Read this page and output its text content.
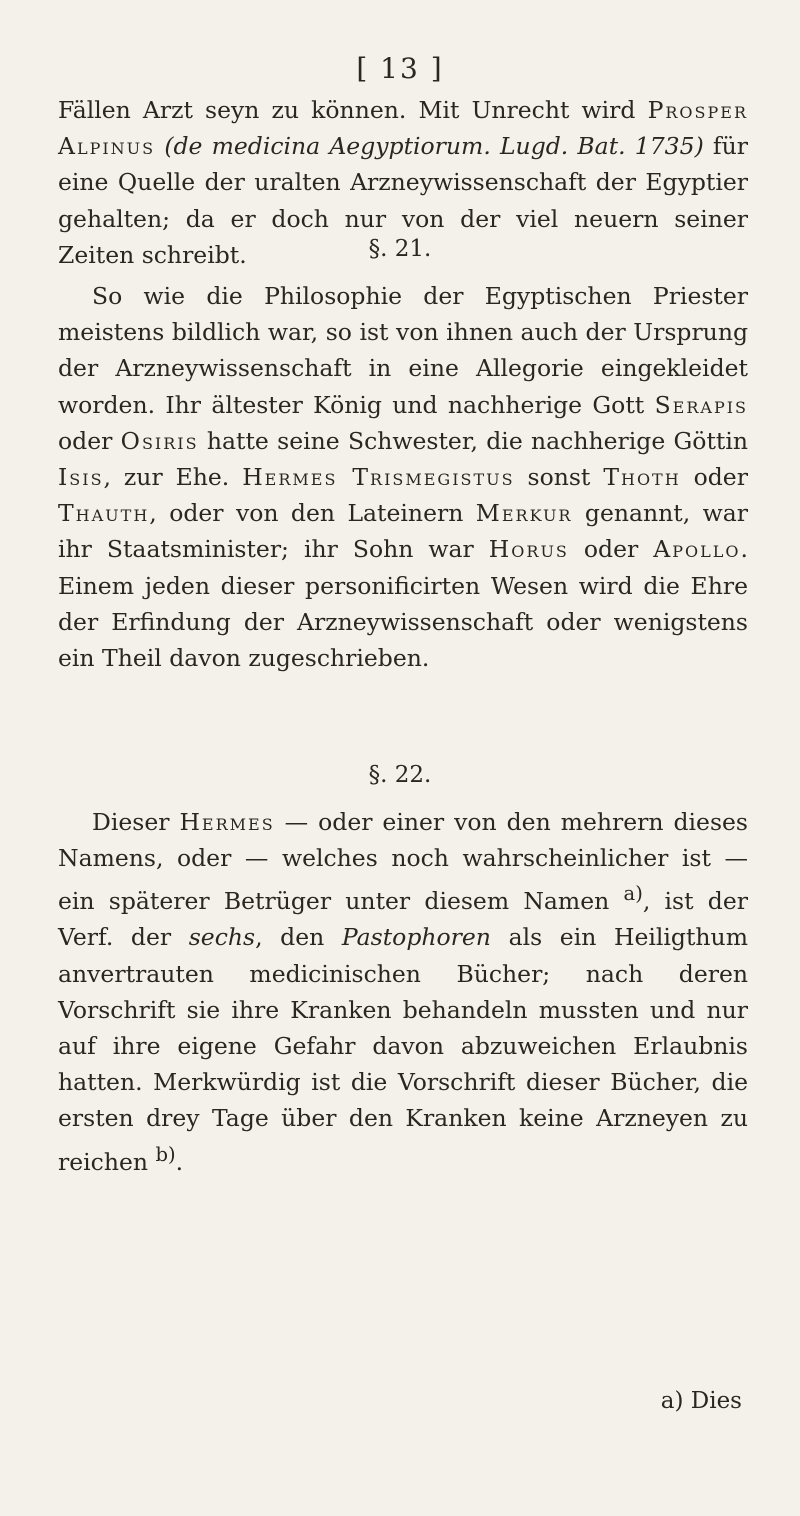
[ 13 ]

Fällen Arzt seyn zu können. Mit Unrecht wird Prosper Alpinus (de medicina Aegyptiorum. Lugd. Bat. 1735) für eine Quelle der uralten Arzneywissenschaft der Egyptier gehalten; da er doch nur von der viel neuern seiner Zeiten schreibt.	§. 21.

So wie die Philosophie der Egyptischen Priester meistens bildlich war, so ist von ihnen auch der Ursprung der Arzneywissenschaft in eine Allegorie eingekleidet worden. Ihr ältester König und nachherige Gott Serapis oder Osiris hatte seine Schwester, die nachherige Göttin Isis, zur Ehe. Hermes Trismegistus sonst Thoth oder Thauth, oder von den Lateinern Merkur genannt, war ihr Staatsminister; ihr Sohn war Horus oder Apollo. Einem jeden dieser personificirten Wesen wird die Ehre der Erfindung der Arzneywissenschaft oder wenigstens ein Theil davon zugeschrieben.

§. 22.

Dieser Hermes — oder einer von den mehrern dieses Namens, oder — welches noch wahrscheinlicher ist — ein späterer Betrüger unter diesem Namen $^{a)}$, ist der Verf. der sechs, den Pastophoren als ein Heiligthum anvertrauten medicinischen Bücher; nach deren Vorschrift sie ihre Kranken behandeln mussten und nur auf ihre eigene Gefahr davon abzuweichen Erlaubnis hatten. Merkwürdig ist die Vorschrift dieser Bücher, die ersten drey Tage über den Kranken keine Arzneyen zu reichen $^{b)}$.

a) Dies
